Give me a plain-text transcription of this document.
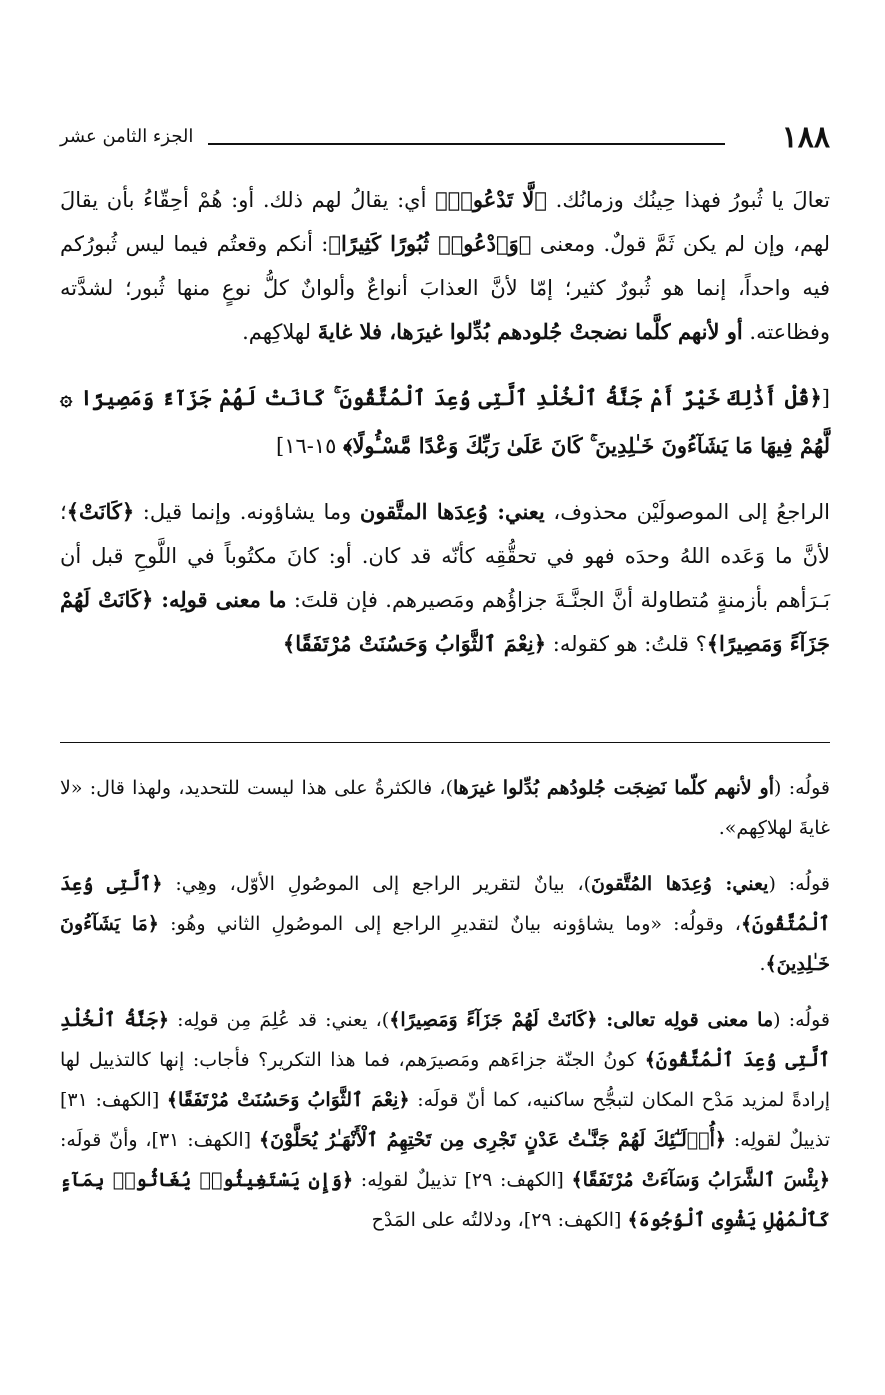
١٨٨
الجزء الثامن عشر

تعالَ يا ثُبورُ فهذا حِينُك وزمانُك. ﴿لَّا تَدْعُوا۟﴾ أي: يقالُ لهم ذلك. أو: هُمْ أحِقّاءُ بأن يقالَ لهم، وإن لم يكن ثَمَّ قولٌ. ومعنى ﴿وَٱدْعُوا۟ ثُبُورًا كَثِيرًا﴾: أنكم وقعتُم فيما ليس ثُبورُكم فيه واحداً، إنما هو ثُبورٌ كثير؛ إمّا لأنَّ العذابَ أنواعٌ وألوانٌ كلُّ نوعٍ منها ثُبور؛ لشدَّته وفظاعته. أو لأنهم كلَّما نضجتْ جُلودهم بُدِّلوا غيرَها، فلا غايةَ لهلاكِهم.

[﴿قُلْ أَذَٰلِكَ خَيْرٌ أَمْ جَنَّةُ ٱلْخُلْدِ ٱلَّتِى وُعِدَ ٱلْمُتَّقُونَ ۚ كَانَتْ لَهُمْ جَزَآءً وَمَصِيرًا ۞ لَّهُمْ فِيهَا مَا يَشَآءُونَ خَـٰلِدِينَ ۚ كَانَ عَلَىٰ رَبِّكَ وَعْدًا مَّسْـُٔولًا﴾ ١٥-١٦]

الراجعُ إلى الموصولَيْن محذوف، يعني: وُعِدَها المتَّقون وما يشاؤونه. وإنما قيل: ﴿كَانَتْ﴾؛ لأنَّ ما وَعَده اللهُ وحدَه فهو في تحقُّقِه كأنّه قد كان. أو: كانَ مكتُوباً في اللَّوحِ قبل أن بَـرَأهم بأزمنةٍ مُتطاولة أنَّ الجنَّـةَ جزاؤُهم ومَصيرهم. فإن قلتَ: ما معنى قولِه: ﴿كَانَتْ لَهُمْ جَزَآءً وَمَصِيرًا﴾؟ قلتُ: هو كقوله: ﴿نِعْمَ ٱلثَّوَابُ وَحَسُنَتْ مُرْتَفَقًا﴾

قولُه: (أو لأنهم كلّما نَضِجَت جُلودُهم بُدِّلوا غيرَها)، فالكثرةُ على هذا ليست للتحديد، ولهذا قال: «لا غايةَ لهلاكِهم».

قولُه: (يعني: وُعِدَها المُتَّقونَ)، بيانٌ لتقرير الراجع إلى الموصُولِ الأوّل، وهِي: ﴿ٱلَّتِى وُعِدَ ٱلْمُتَّقُونَ﴾، وقولُه: «وما يشاؤونه بيانٌ لتقديرِ الراجع إلى الموصُولِ الثاني وهُو: ﴿مَا يَشَآءُونَ خَـٰلِدِينَ﴾.

قولُه: (ما معنى قولِه تعالى: ﴿كَانَتْ لَهُمْ جَزَآءً وَمَصِيرًا﴾)، يعني: قد عُلِمَ مِن قولِه: ﴿جَنَّةُ ٱلْخُلْدِ ٱلَّتِى وُعِدَ ٱلْمُتَّقُونَ﴾ كونُ الجنّة جزاءَهم ومَصيرَهم، فما هذا التكرير؟ فأجاب: إنها كالتذييل لها إرادةً لمزيد مَدْح المكان لتبجُّح ساكنيه، كما أنّ قولَه: ﴿نِعْمَ ٱلثَّوَابُ وَحَسُنَتْ مُرْتَفَقًا﴾ [الكهف: ٣١] تذييلٌ لقولِه: ﴿أُو۟لَـٰٓئِكَ لَهُمْ جَنَّـٰتُ عَدْنٍ تَجْرِى مِن تَحْتِهِمُ ٱلْأَنْهَـٰرُ يُحَلَّوْنَ﴾ [الكهف: ٣١]، وأنّ قولَه: ﴿بِئْسَ ٱلشَّرَابُ وَسَآءَتْ مُرْتَفَقًا﴾ [الكهف: ٢٩] تذييلٌ لقولِه: ﴿وَإِن يَسْتَغِيثُوا۟ يُغَاثُوا۟ بِمَآءٍ كَٱلْمُهْلِ يَشْوِى ٱلْوُجُوهَ﴾ [الكهف: ٢٩]، ودلالتُه على المَدْح
